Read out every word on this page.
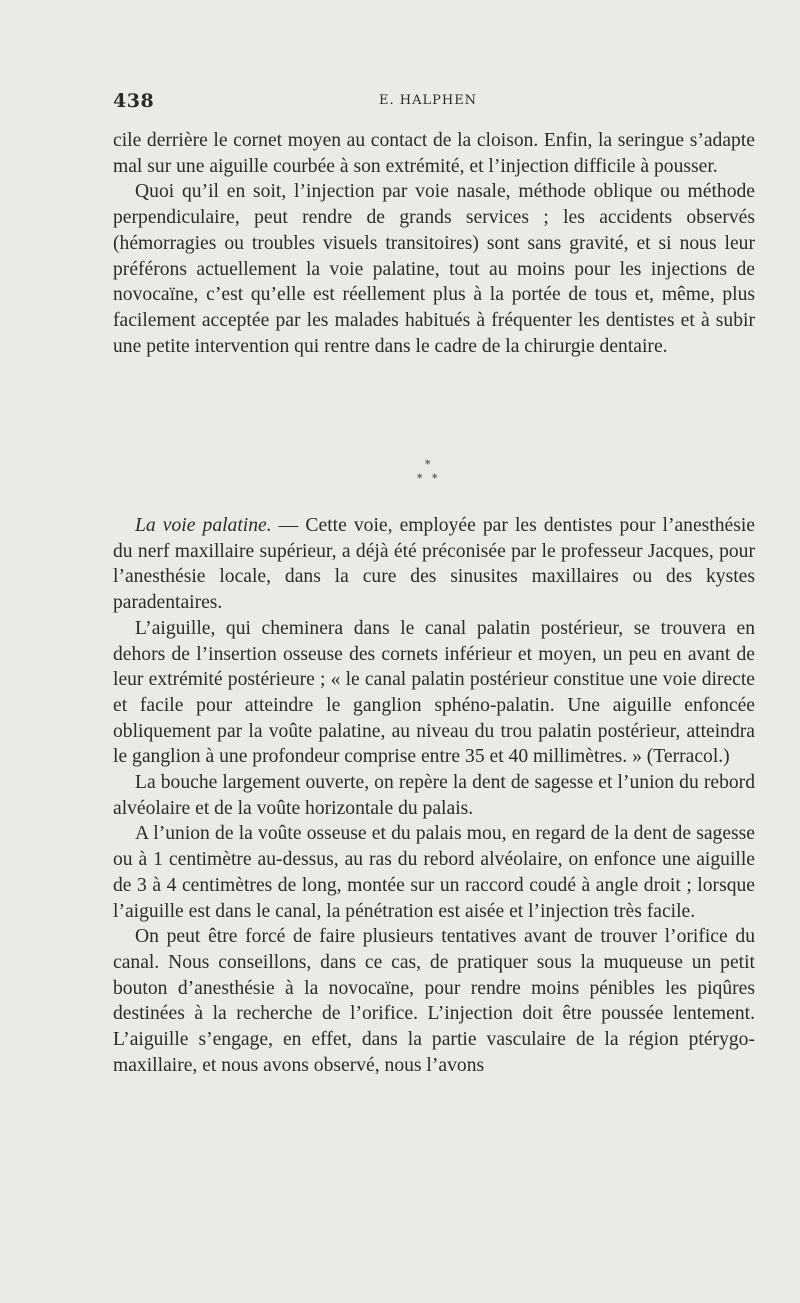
438	E. HALPHEN

cile derrière le cornet moyen au contact de la cloison. Enfin, la seringue s’adapte mal sur une aiguille courbée à son extrémité, et l’injection difficile à pousser.

Quoi qu’il en soit, l’injection par voie nasale, méthode oblique ou méthode perpendiculaire, peut rendre de grands services ; les accidents observés (hémorragies ou troubles visuels transitoires) sont sans gravité, et si nous leur préférons actuellement la voie palatine, tout au moins pour les injections de novocaïne, c’est qu’elle est réellement plus à la portée de tous et, même, plus facilement acceptée par les malades habitués à fréquenter les dentistes et à subir une petite intervention qui rentre dans le cadre de la chirurgie dentaire.

*
* *

La voie palatine. — Cette voie, employée par les dentistes pour l’anesthésie du nerf maxillaire supérieur, a déjà été préconisée par le professeur Jacques, pour l’anesthésie locale, dans la cure des sinusites maxillaires ou des kystes paradentaires.

L’aiguille, qui cheminera dans le canal palatin postérieur, se trouvera en dehors de l’insertion osseuse des cornets inférieur et moyen, un peu en avant de leur extrémité postérieure ; « le canal palatin postérieur constitue une voie directe et facile pour atteindre le ganglion sphéno-palatin. Une aiguille enfoncée obliquement par la voûte palatine, au niveau du trou palatin postérieur, atteindra le ganglion à une profondeur comprise entre 35 et 40 millimètres. » (Terracol.)

La bouche largement ouverte, on repère la dent de sagesse et l’union du rebord alvéolaire et de la voûte horizontale du palais.

A l’union de la voûte osseuse et du palais mou, en regard de la dent de sagesse ou à 1 centimètre au-dessus, au ras du rebord alvéolaire, on enfonce une aiguille de 3 à 4 centimètres de long, montée sur un raccord coudé à angle droit ; lorsque l’aiguille est dans le canal, la pénétration est aisée et l’injection très facile.

On peut être forcé de faire plusieurs tentatives avant de trouver l’orifice du canal. Nous conseillons, dans ce cas, de pratiquer sous la muqueuse un petit bouton d’anesthésie à la novocaïne, pour rendre moins pénibles les piqûres destinées à la recherche de l’orifice. L’injection doit être poussée lentement. L’aiguille s’engage, en effet, dans la partie vasculaire de la région ptérygo-maxillaire, et nous avons observé, nous l’avons
